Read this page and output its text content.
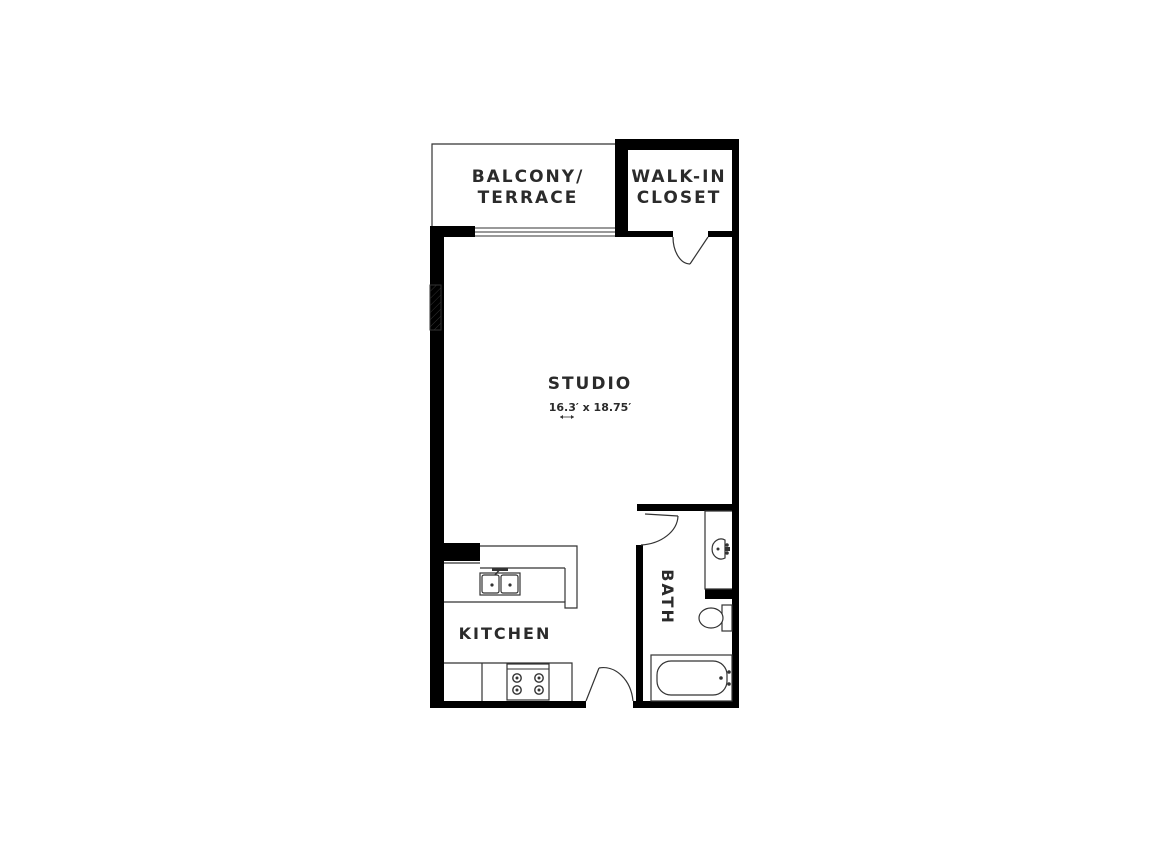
BALCONY/
TERRACE
WALK-IN
CLOSET
STUDIO
16.3′ x 18.75′
KITCHEN
BATH
